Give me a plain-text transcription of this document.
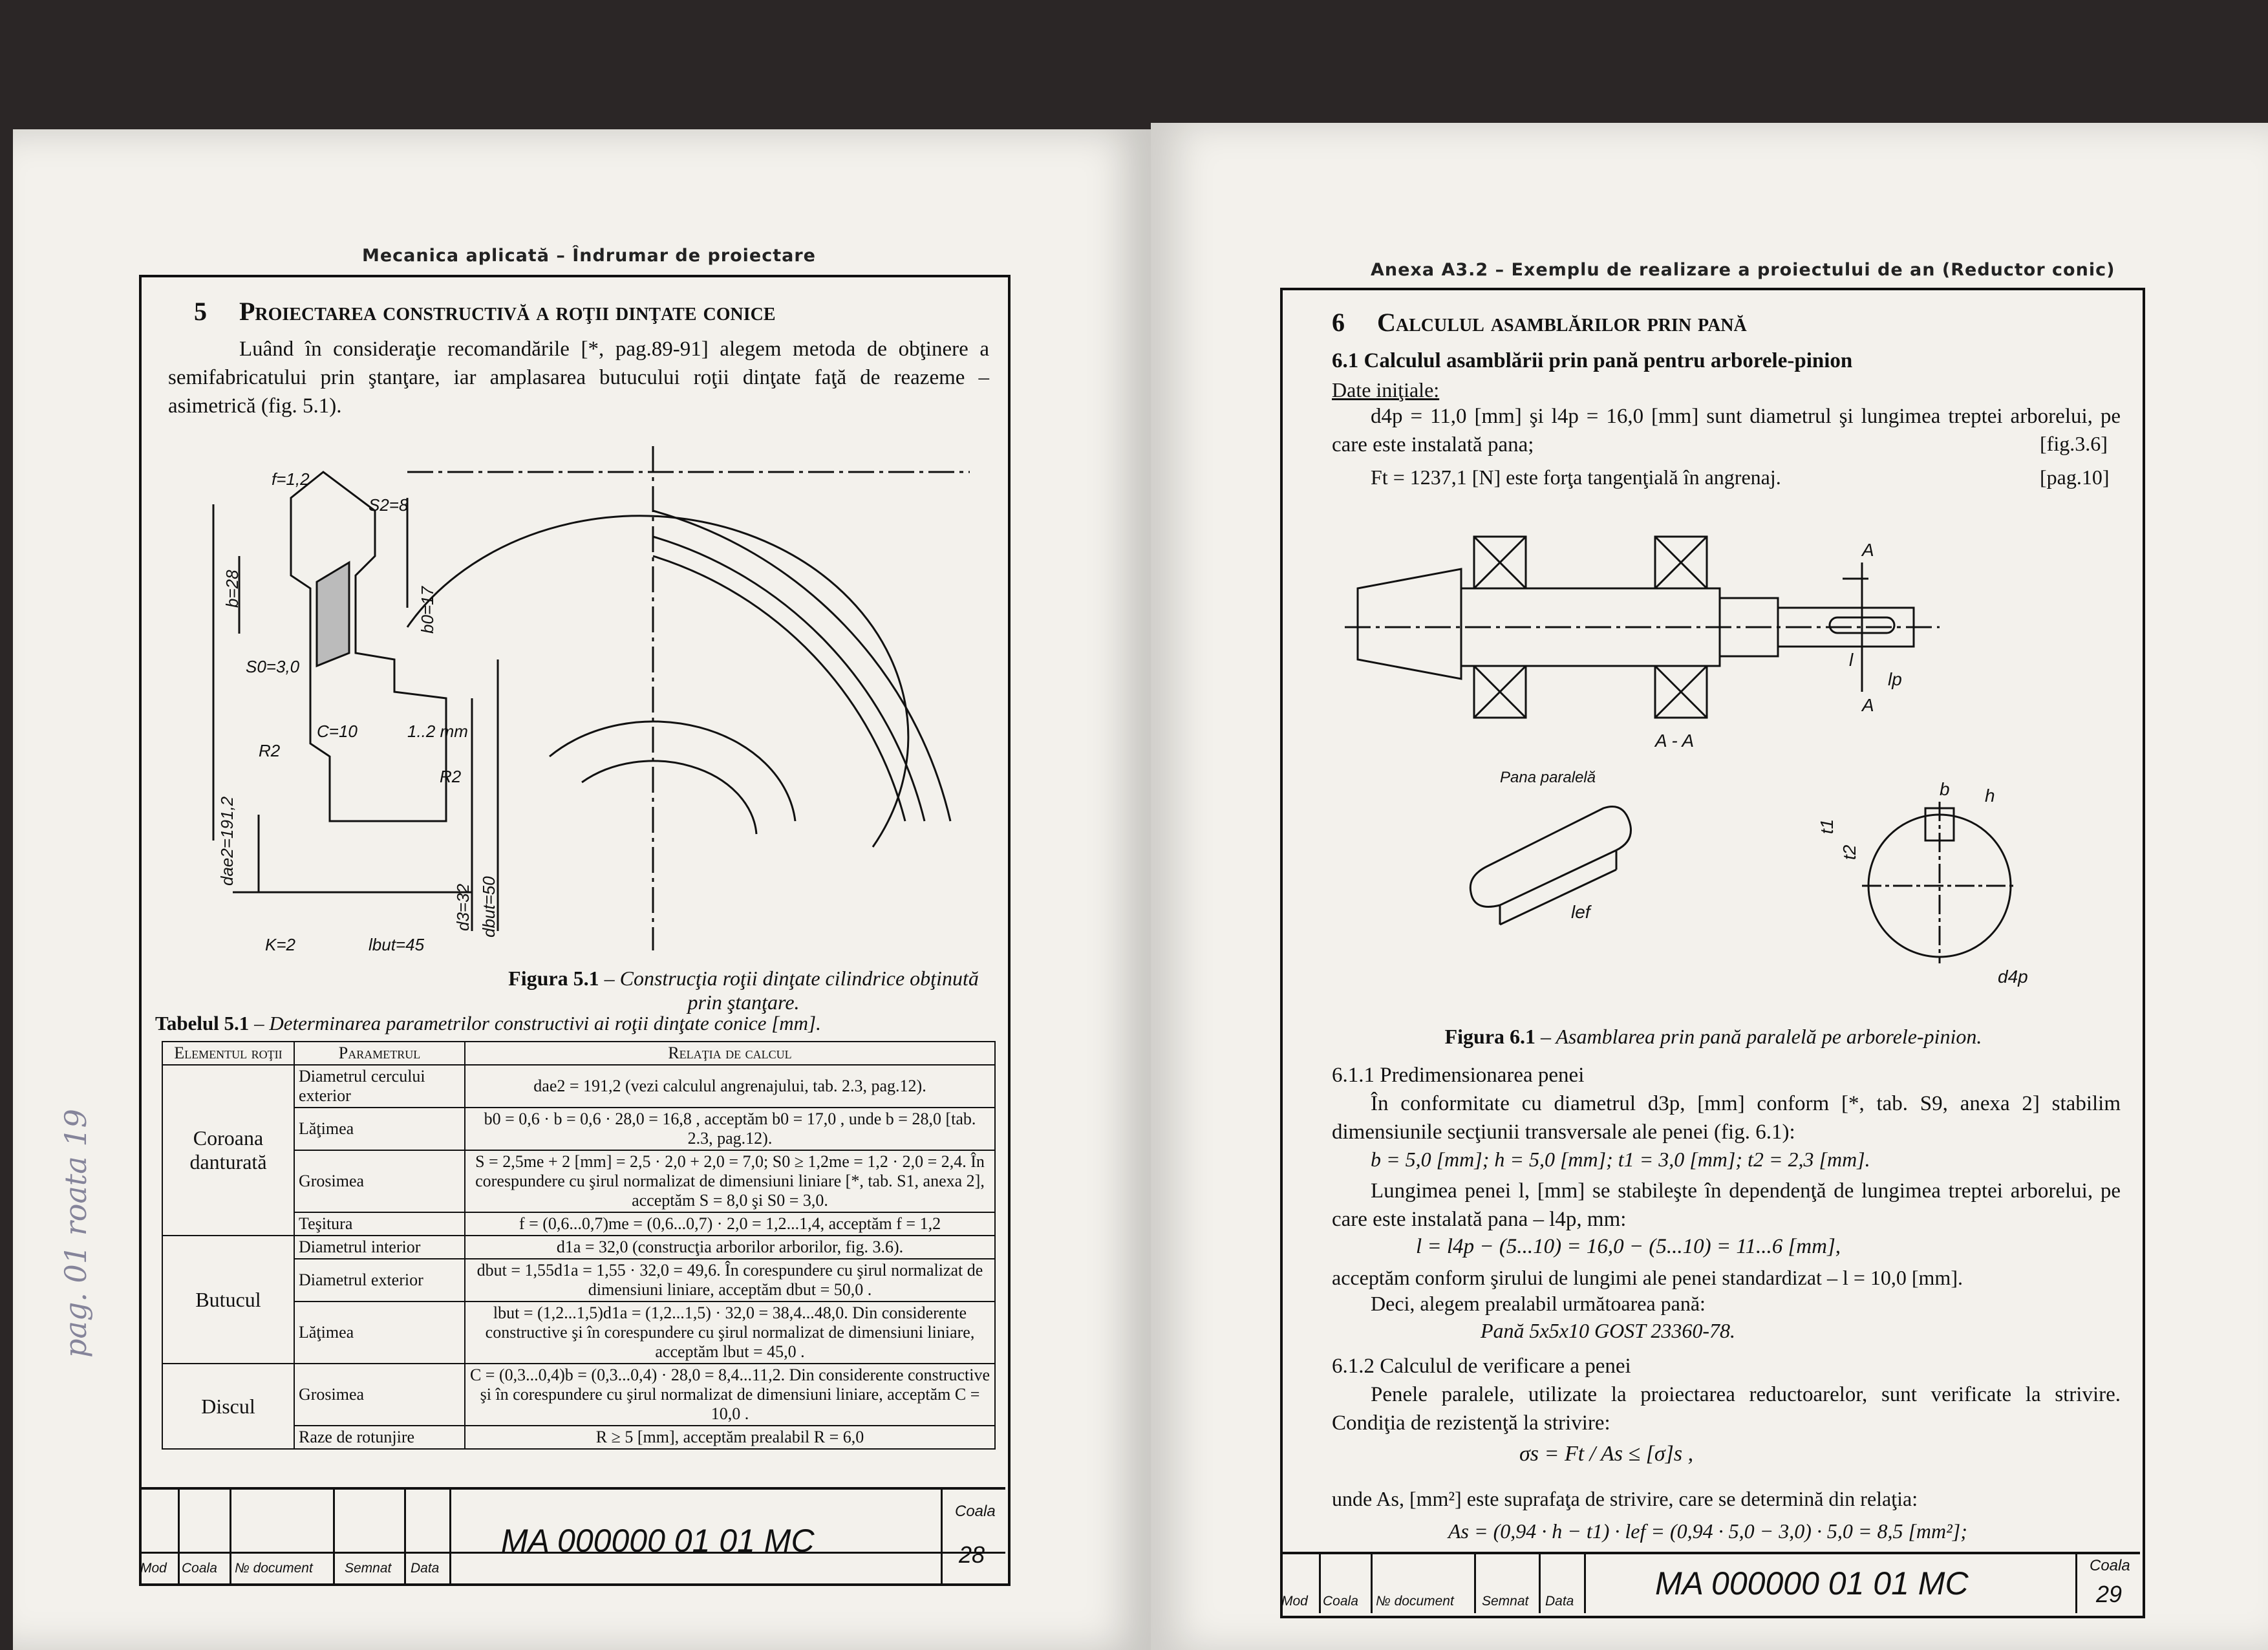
Mecanica aplicată – Îndrumar de proiectare
5 Proiectarea constructivă a roţii dinţate conice
Luând în consideraţie recomandările [*, pag.89-91] alegem metoda de obţinere a semifabricatului prin ştanţare, iar amplasarea butucului roţii dinţate faţă de reazeme – asimetrică (fig. 5.1).
f=1,2
S2=8
b=28	b0=17
S0=3,0
C=10	1..2 mm
R2
R2
dae2=191,2
d3=32 dbut=50
K=2	lbut=45
Figura 5.1 – Construcţia roţii dinţate cilindrice obţinută prin ştanţare.
Tabelul 5.1 – Determinarea parametrilor constructivi ai roţii dinţate conice [mm].
Elementul roţii	Parametrul	Relaţia de calcul
Coroana danturată	Diametrul cercului exterior	dae2 = 191,2 (vezi calculul angrenajului, tab. 2.3, pag.12).
	Lăţimea	b0 = 0,6 · b = 0,6 · 28,0 = 16,8 , acceptăm b0 = 17,0 , unde b = 28,0 [tab. 2.3, pag.12).
	Grosimea	S = 2,5me + 2 [mm] = 2,5 · 2,0 + 2,0 = 7,0; S0 ≥ 1,2me = 1,2 · 2,0 = 2,4. În corespundere cu şirul normalizat de dimensiuni liniare [*, tab. S1, anexa 2], acceptăm S = 8,0 şi S0 = 3,0.
	Teşitura	f = (0,6...0,7)me = (0,6...0,7) · 2,0 = 1,2...1,4, acceptăm f = 1,2
Butucul	Diametrul interior	d1a = 32,0 (construcţia arborilor arborilor, fig. 3.6).
	Diametrul exterior	dbut = 1,55d1a = 1,55 · 32,0 = 49,6. În corespundere cu şirul normalizat de dimensiuni liniare, acceptăm dbut = 50,0 .
	Lăţimea	lbut = (1,2...1,5)d1a = (1,2...1,5) · 32,0 = 38,4...48,0. Din considerente constructive şi în corespundere cu şirul normalizat de dimensiuni liniare, acceptăm lbut = 45,0 .
Discul	Grosimea	C = (0,3...0,4)b = (0,3...0,4) · 28,0 = 8,4...11,2. Din considerente constructive şi în corespundere cu şirul normalizat de dimensiuni liniare, acceptăm C = 10,0 .
	Raze de rotunjire	R ≥ 5 [mm], acceptăm prealabil R = 6,0
Mod Coala № document Semnat Data
MA 000000 01 01 MC
Coala
28
pag. 01 roata 19
Anexa A3.2 – Exemplu de realizare a proiectului de an (Reductor conic)
6 Calculul asamblărilor prin pană
6.1 Calculul asamblării prin pană pentru arborele-pinion
Date iniţiale:
d4p = 11,0 [mm] şi l4p = 16,0 [mm] sunt diametrul şi lungimea treptei arborelui, pe care este instalată pana;	[fig.3.6]
Ft = 1237,1 [N] este forţa tangenţială în angrenaj.	[pag.10]
A
A
A - A
Pana paralelă
lef
l
lp
b h
t1
t2
d4p
Figura 6.1 – Asamblarea prin pană paralelă pe arborele-pinion.
6.1.1 Predimensionarea penei
În conformitate cu diametrul d3p, [mm] conform [*, tab. S9, anexa 2] stabilim dimensiunile secţiunii transversale ale penei (fig. 6.1):
b = 5,0 [mm]; h = 5,0 [mm]; t1 = 3,0 [mm]; t2 = 2,3 [mm].
Lungimea penei l, [mm] se stabileşte în dependenţă de lungimea treptei arborelui, pe care este instalată pana – l4p, mm:
l = l4p − (5...10) = 16,0 − (5...10) = 11...6 [mm],
acceptăm conform şirului de lungimi ale penei standardizat – l = 10,0 [mm].
Deci, alegem prealabil următoarea pană:
Pană 5x5x10 GOST 23360-78.
6.1.2 Calculul de verificare a penei
Penele paralele, utilizate la proiectarea reductoarelor, sunt verificate la strivire. Condiţia de rezistenţă la strivire:
σs = Ft / As ≤ [σ]s ,
unde As, [mm²] este suprafaţa de strivire, care se determină din relaţia:
As = (0,94 · h − t1) · lef = (0,94 · 5,0 − 3,0) · 5,0 = 8,5 [mm²];
Mod Coala № document Semnat Data	MA 000000 01 01 MC	Coala
29
